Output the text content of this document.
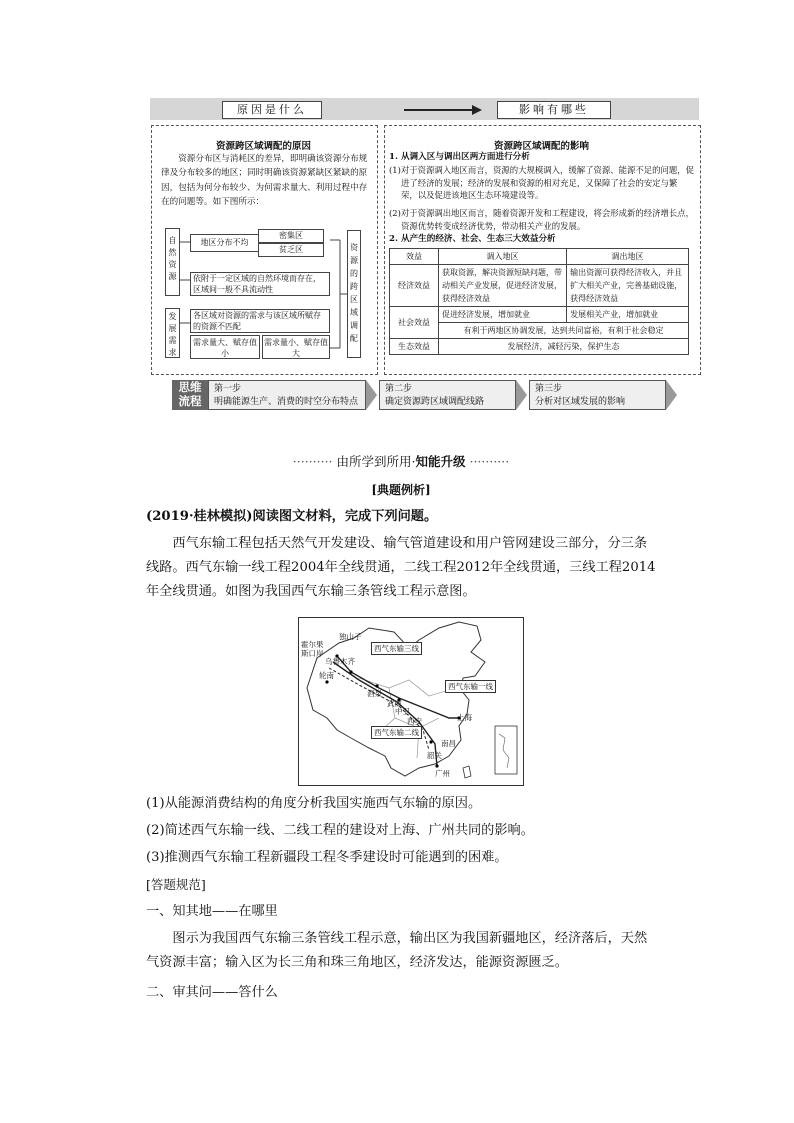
原因是什么	影响有哪些
资源跨区域调配的原因
资源分布区与消耗区的差异，即明确该资源分布规律及分布较多的地区；同时明确该资源紧缺区紧缺的原因，包括为何分布较少、为何需求量大、利用过程中存在的问题等。如下图所示：
自然资源
地区分布不均
密集区
贫乏区
依附于一定区域的自然环境而存在，区域间一般不具流动性
发展需求
各区域对资源的需求与该区域所赋存的资源不匹配
需求量大、赋存值小
需求量小、赋存值大
资源的跨区域调配
资源跨区域调配的影响
1. 从调入区与调出区两方面进行分析
(1)对于资源调入地区而言，资源的大规模调入，缓解了资源、能源不足的问题，促进了经济的发展；经济的发展和资源的相对充足，又保障了社会的安定与繁荣，以及促进该地区生态环境建设等。
(2)对于资源调出地区而言，随着资源开发和工程建设，将会形成新的经济增长点，资源优势转变成经济优势，带动相关产业的发展。
2. 从产生的经济、社会、生态三大效益分析
效益	调入地区	调出地区
经济效益	获取资源，解决资源短缺问题，带动相关产业发展，促进经济发展，获得经济效益	输出资源可获得经济收入，并且扩大相关产业，完善基础设施，获得经济效益
社会效益	促进经济发展，增加就业	发展相关产业，增加就业
	有利于两地区协调发展，达到共同富裕，有利于社会稳定	
生态效益	发展经济，减轻污染，保护生态	
思维
流程
第一步
明确能源生产、消费的时空分布特点
第二步
确定资源跨区域调配线路
第三步
分析对区域发展的影响
·········· 由所学到所用·知能升级 ··········
[典题例析]
(2019·桂林模拟)阅读图文材料，完成下列问题。
西气东输工程包括天然气开发建设、输气管道建设和用户管网建设三部分，分三条线路。西气东输一线工程2004年全线贯通，二线工程2012年全线贯通，三线工程2014年全线贯通。如图为我国西气东输三条管线工程示意图。
霍尔果斯口岸
独山子
乌鲁木齐
轮南
酒泉
武威
中卫
西安	上海
南昌
韶关
广州
西气东输三线
西气东输一线
西气东输二线
(1)从能源消费结构的角度分析我国实施西气东输的原因。
(2)简述西气东输一线、二线工程的建设对上海、广州共同的影响。
(3)推测西气东输工程新疆段工程冬季建设时可能遇到的困难。
[答题规范]
一、知其地——在哪里
图示为我国西气东输三条管线工程示意，输出区为我国新疆地区，经济落后，天然气资源丰富；输入区为长三角和珠三角地区，经济发达，能源资源匮乏。
二、审其问——答什么
